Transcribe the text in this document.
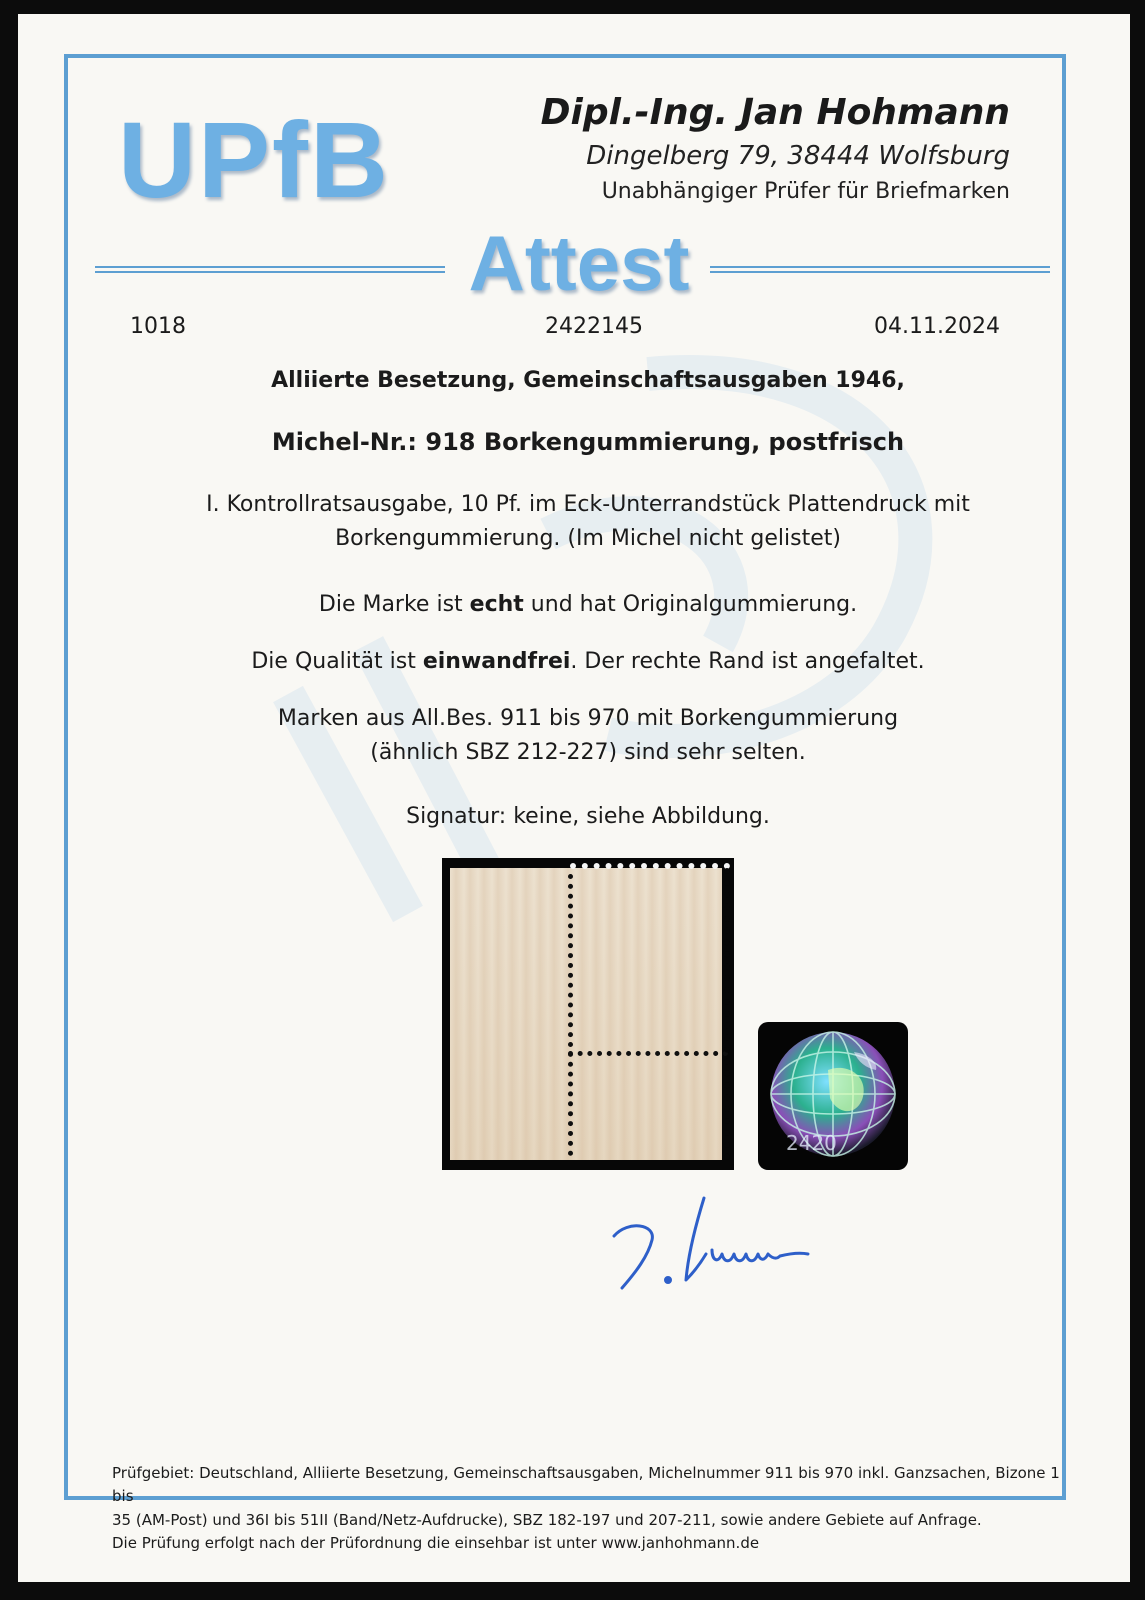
UPfB	Dipl.-Ing. Jan Hohmann

Dingelberg 79, 38444 Wolfsburg

Unabhängiger Prüfer für Briefmarken

Attest
1018	2422145	04.11.2024

Alliierte Besetzung, Gemeinschaftsausgaben 1946,

Michel-Nr.: 918 Borkengummierung, postfrisch

I. Kontrollratsausgabe, 10 Pf. im Eck-Unterrandstück Plattendruck mit
Borkengummierung. (Im Michel nicht gelistet)

Die Marke ist echt und hat Originalgummierung.

Die Qualität ist einwandfrei. Der rechte Rand ist angefaltet.

Marken aus All.Bes. 911 bis 970 mit Borkengummierung
(ähnlich SBZ 212-227) sind sehr selten.

Signatur: keine, siehe Abbildung.

2420

Prüfgebiet: Deutschland, Alliierte Besetzung, Gemeinschaftsausgaben, Michelnummer 911 bis 970 inkl. Ganzsachen, Bizone 1 bis
35 (AM-Post) und 36I bis 51II (Band/Netz-Aufdrucke), SBZ 182-197 und 207-211, sowie andere Gebiete auf Anfrage.
Die Prüfung erfolgt nach der Prüfordnung die einsehbar ist unter www.janhohmann.de
